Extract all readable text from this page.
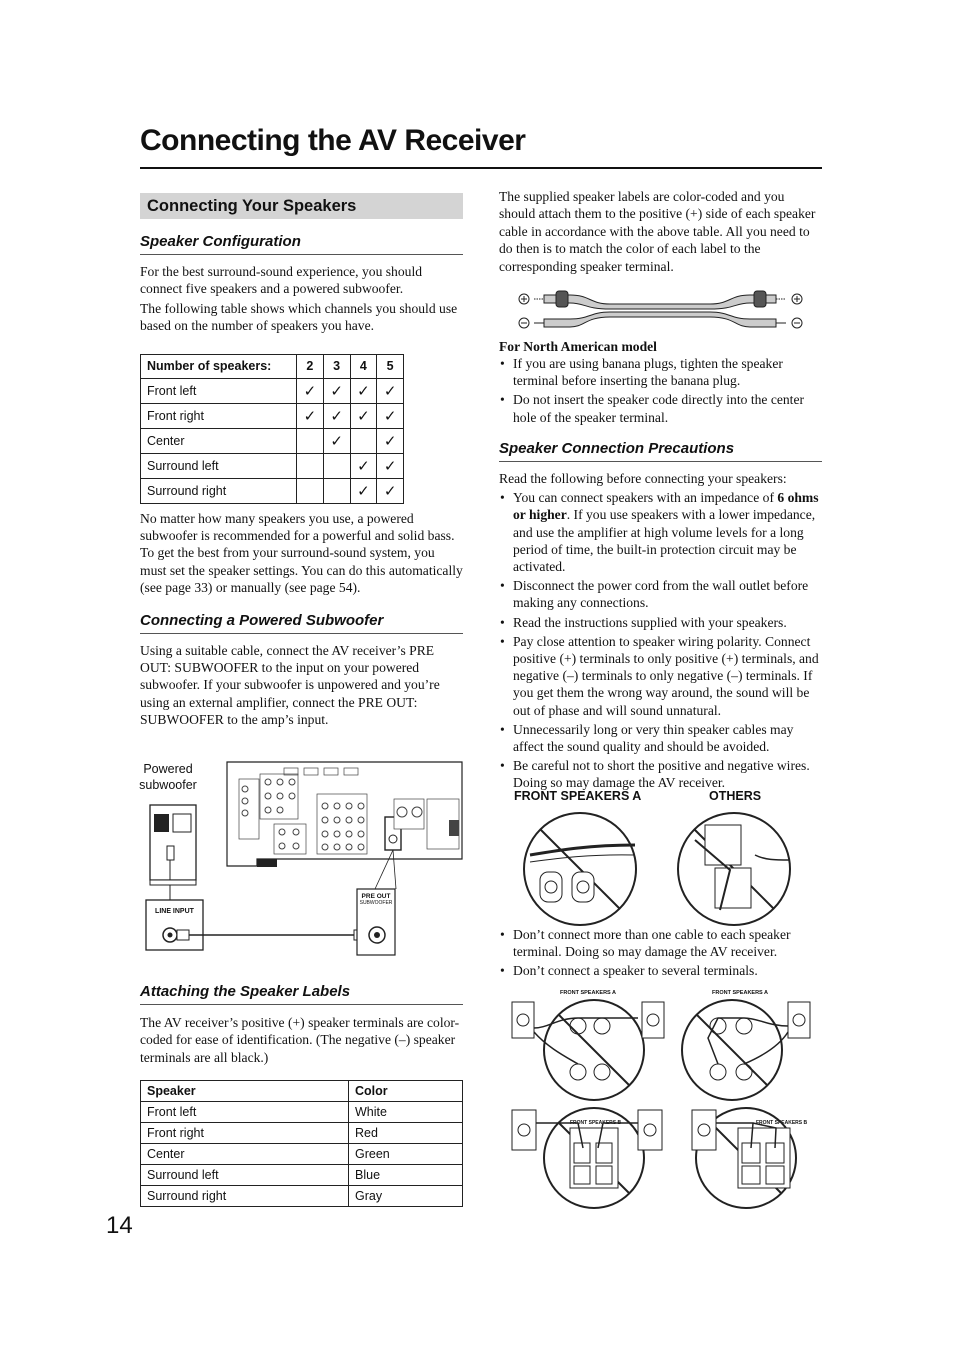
Connecting the AV Receiver
Connecting Your Speakers
Speaker Configuration

For the best surround-sound experience, you should connect five speakers and a powered subwoofer.

The following table shows which channels you should use based on the number of speakers you have.

Number of speakers:	2	3	4	5
Front left	✓	✓	✓	✓
Front right	✓	✓	✓	✓
Center		✓		✓
Surround left			✓	✓
Surround right			✓	✓

No matter how many speakers you use, a powered subwoofer is recommended for a powerful and solid bass.

To get the best from your surround-sound system, you must set the speaker settings. You can do this automatically (see page 33) or manually (see page 54).

Connecting a Powered Subwoofer

Using a suitable cable, connect the AV receiver’s PRE OUT: SUBWOOFER to the input on your powered subwoofer. If your subwoofer is unpowered and you’re using an external amplifier, connect the PRE OUT: SUBWOOFER to the amp’s input.

Powered subwoofer
LINE INPUT
PRE OUT
SUBWOOFER
Attaching the Speaker Labels

The AV receiver’s positive (+) speaker terminals are color-coded for ease of identification. (The negative (–) speaker terminals are all black.)

Speaker	Color
Front left	White
Front right	Red
Center	Green
Surround left	Blue
Surround right	Gray

The supplied speaker labels are color-coded and you should attach them to the positive (+) side of each speaker cable in accordance with the above table. All you need to do then is to match the color of each label to the corresponding speaker terminal.

For North American model
• If you are using banana plugs, tighten the speaker terminal before inserting the banana plug.
• Do not insert the speaker code directly into the center hole of the speaker terminal.
Speaker Connection Precautions

Read the following before connecting your speakers:

• You can connect speakers with an impedance of 6 ohms or higher. If you use speakers with a lower impedance, and use the amplifier at high volume levels for a long period of time, the built-in protection circuit may be activated.
• Disconnect the power cord from the wall outlet before making any connections.
• Read the instructions supplied with your speakers.
• Pay close attention to speaker wiring polarity. Connect positive (+) terminals to only positive (+) terminals, and negative (–) terminals to only negative (–) terminals. If you get them the wrong way around, the sound will be out of phase and will sound unnatural.
• Unnecessarily long or very thin speaker cables may affect the sound quality and should be avoided.
• Be careful not to short the positive and negative wires. Doing so may damage the AV receiver.
FRONT SPEAKERS A	OTHERS
• Don’t connect more than one cable to each speaker terminal. Doing so may damage the AV receiver.
• Don’t connect a speaker to several terminals.
FRONT SPEAKERS A	FRONT SPEAKERS A
FRONT SPEAKERS B	FRONT SPEAKERS B
14
